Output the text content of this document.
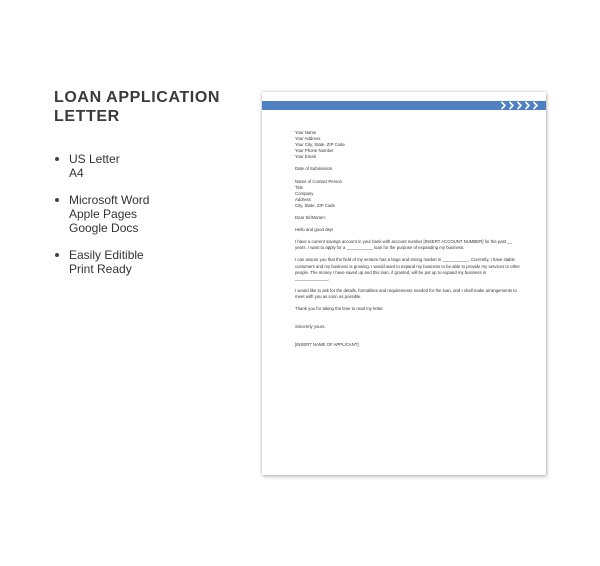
LOAN APPLICATION LETTER
US Letter
A4
Microsoft Word
Apple Pages
Google Docs
Easily Editible
Print Ready

Your Name

Your Address

Your City, State, ZIP Code

Your Phone Number

Your Email

Date of Submission

Name of Contact Person

Title

Company

Address

City, State, ZIP Code

Dear Sir/Ma'am:

Hello and good day!

I have a current savings account in your bank with account number [INSERT ACCOUNT NUMBER] for the past __ years. I want to apply for a ___________ loan for the purpose of expanding my business.

I can assure you that the field of my venture has a large and strong market in ___________. Currently, I have stable customers and my business is growing. I would want to expand my business to be able to provide my services to other people. The money I have saved up and this loan, if granted, will be put up to expand my business in ______________.

I would like to ask for the details, formalities and requirements needed for the loan, and I shall make arrangements to meet with you as soon as possible.

Thank you for taking the time to read my letter.

Sincerely yours,

[INSERT NAME OF APPLICANT]
